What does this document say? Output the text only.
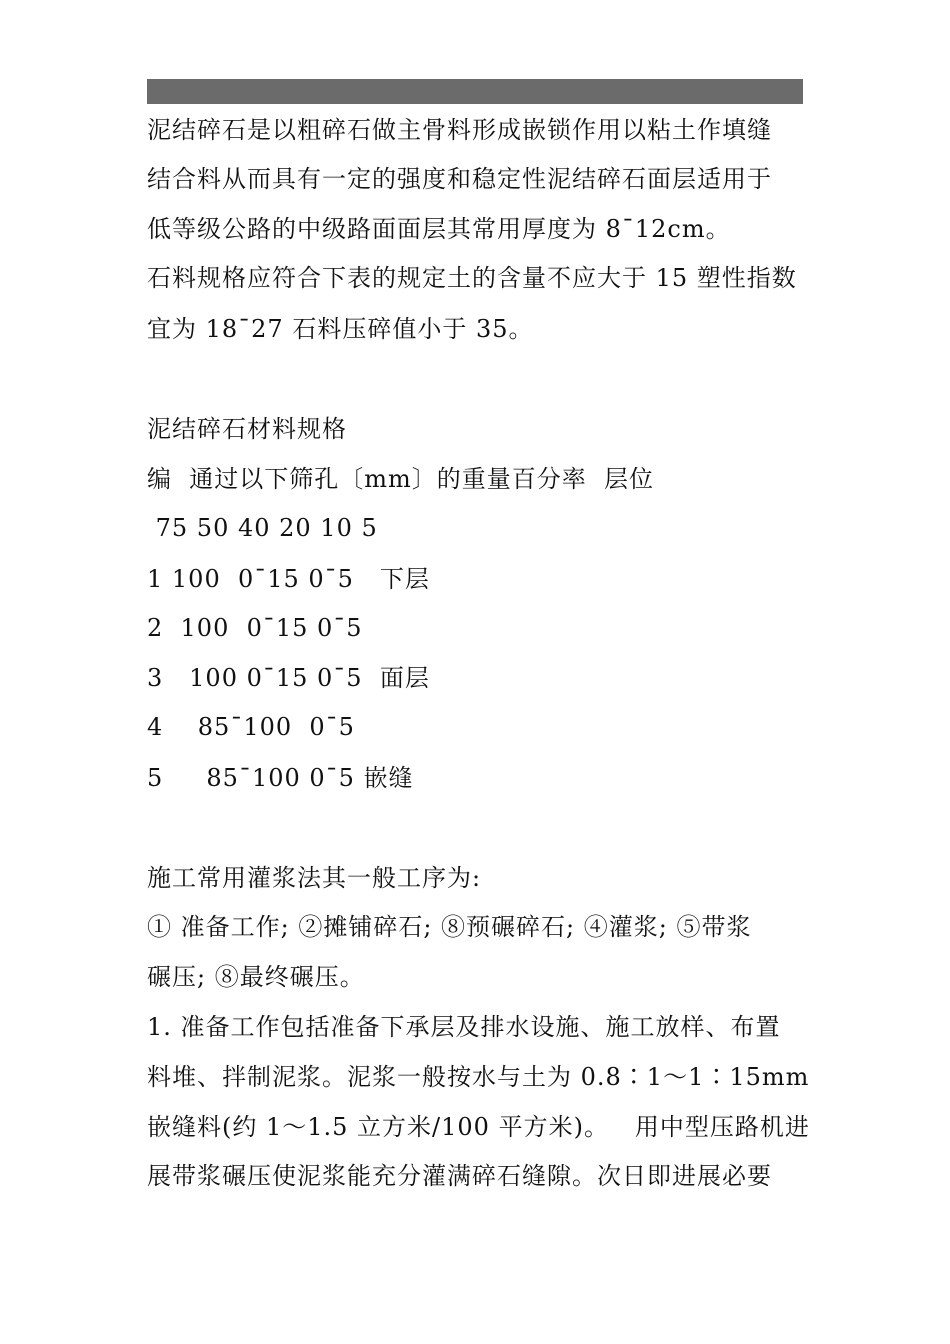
泥结碎石是以粗碎石做主骨料形成嵌锁作用以粘土作填缝
结合料从而具有一定的强度和稳定性泥结碎石面层适用于
低等级公路的中级路面面层其常用厚度为 8¯12cm。
石料规格应符合下表的规定土的含量不应大于 15 塑性指数
宜为 18¯27 石料压碎值小于 35。
泥结碎石材料规格
编  通过以下筛孔〔mm〕的重量百分率  层位
75 50 40 20 10 5
1 100  0¯15 0¯5   下层
2  100  0¯15 0¯5
3   100 0¯15 0¯5  面层
4    85¯100  0¯5
5     85¯100 0¯5 嵌缝
施工常用灌浆法其一般工序为:
① 准备工作; ②摊铺碎石; ⑧预碾碎石; ④灌浆; ⑤带浆
碾压; ⑧最终碾压。
1. 准备工作包括准备下承层及排水设施、施工放样、布置
料堆、拌制泥浆。泥浆一般按水与土为 0.8∶1～1∶15mm
嵌缝料(约 1～1.5 立方米/100 平方米)。   用中型压路机进
展带浆碾压使泥浆能充分灌满碎石缝隙。次日即进展必要
